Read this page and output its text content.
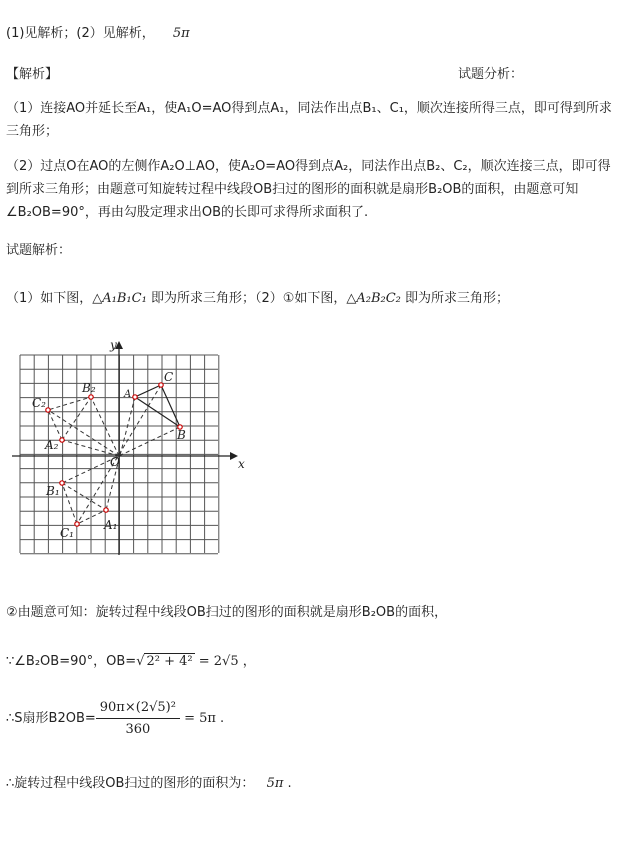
(1)见解析；(2）见解析， 5π
【解析】	试题分析：
（1）连接AO并延长至A₁，使A₁O=AO得到点A₁，同法作出点B₁、C₁，顺次连接所得三点，即可得到所求三角形；
（2）过点O在AO的左侧作A₂O⊥AO，使A₂O=AO得到点A₂，同法作出点B₂、C₂，顺次连接三点，即可得到所求三角形；由题意可知旋转过程中线段OB扫过的图形的面积就是扇形B₂OB的面积，由题意可知∠B₂OB=90°，再由勾股定理求出OB的长即可求得所求面积了.
试题解析：
（1）如下图，△A₁B₁C₁ 即为所求三角形；（2）①如下图，△A₂B₂C₂ 即为所求三角形；
x
y
A
B
C
O
A₁
B₁
C₁
A₂
B₂
C₂
②由题意可知：旋转过程中线段OB扫过的图形的面积就是扇形B₂OB的面积，
∵∠B₂OB=90°，OB=√ 2² + 4² = 2√5 ，
∴S扇形$B2OB= \frac{\text{90π×(2√5)²}}{360} = 5\pi$ .
∴旋转过程中线段OB扫过的图形的面积为： 5π .
